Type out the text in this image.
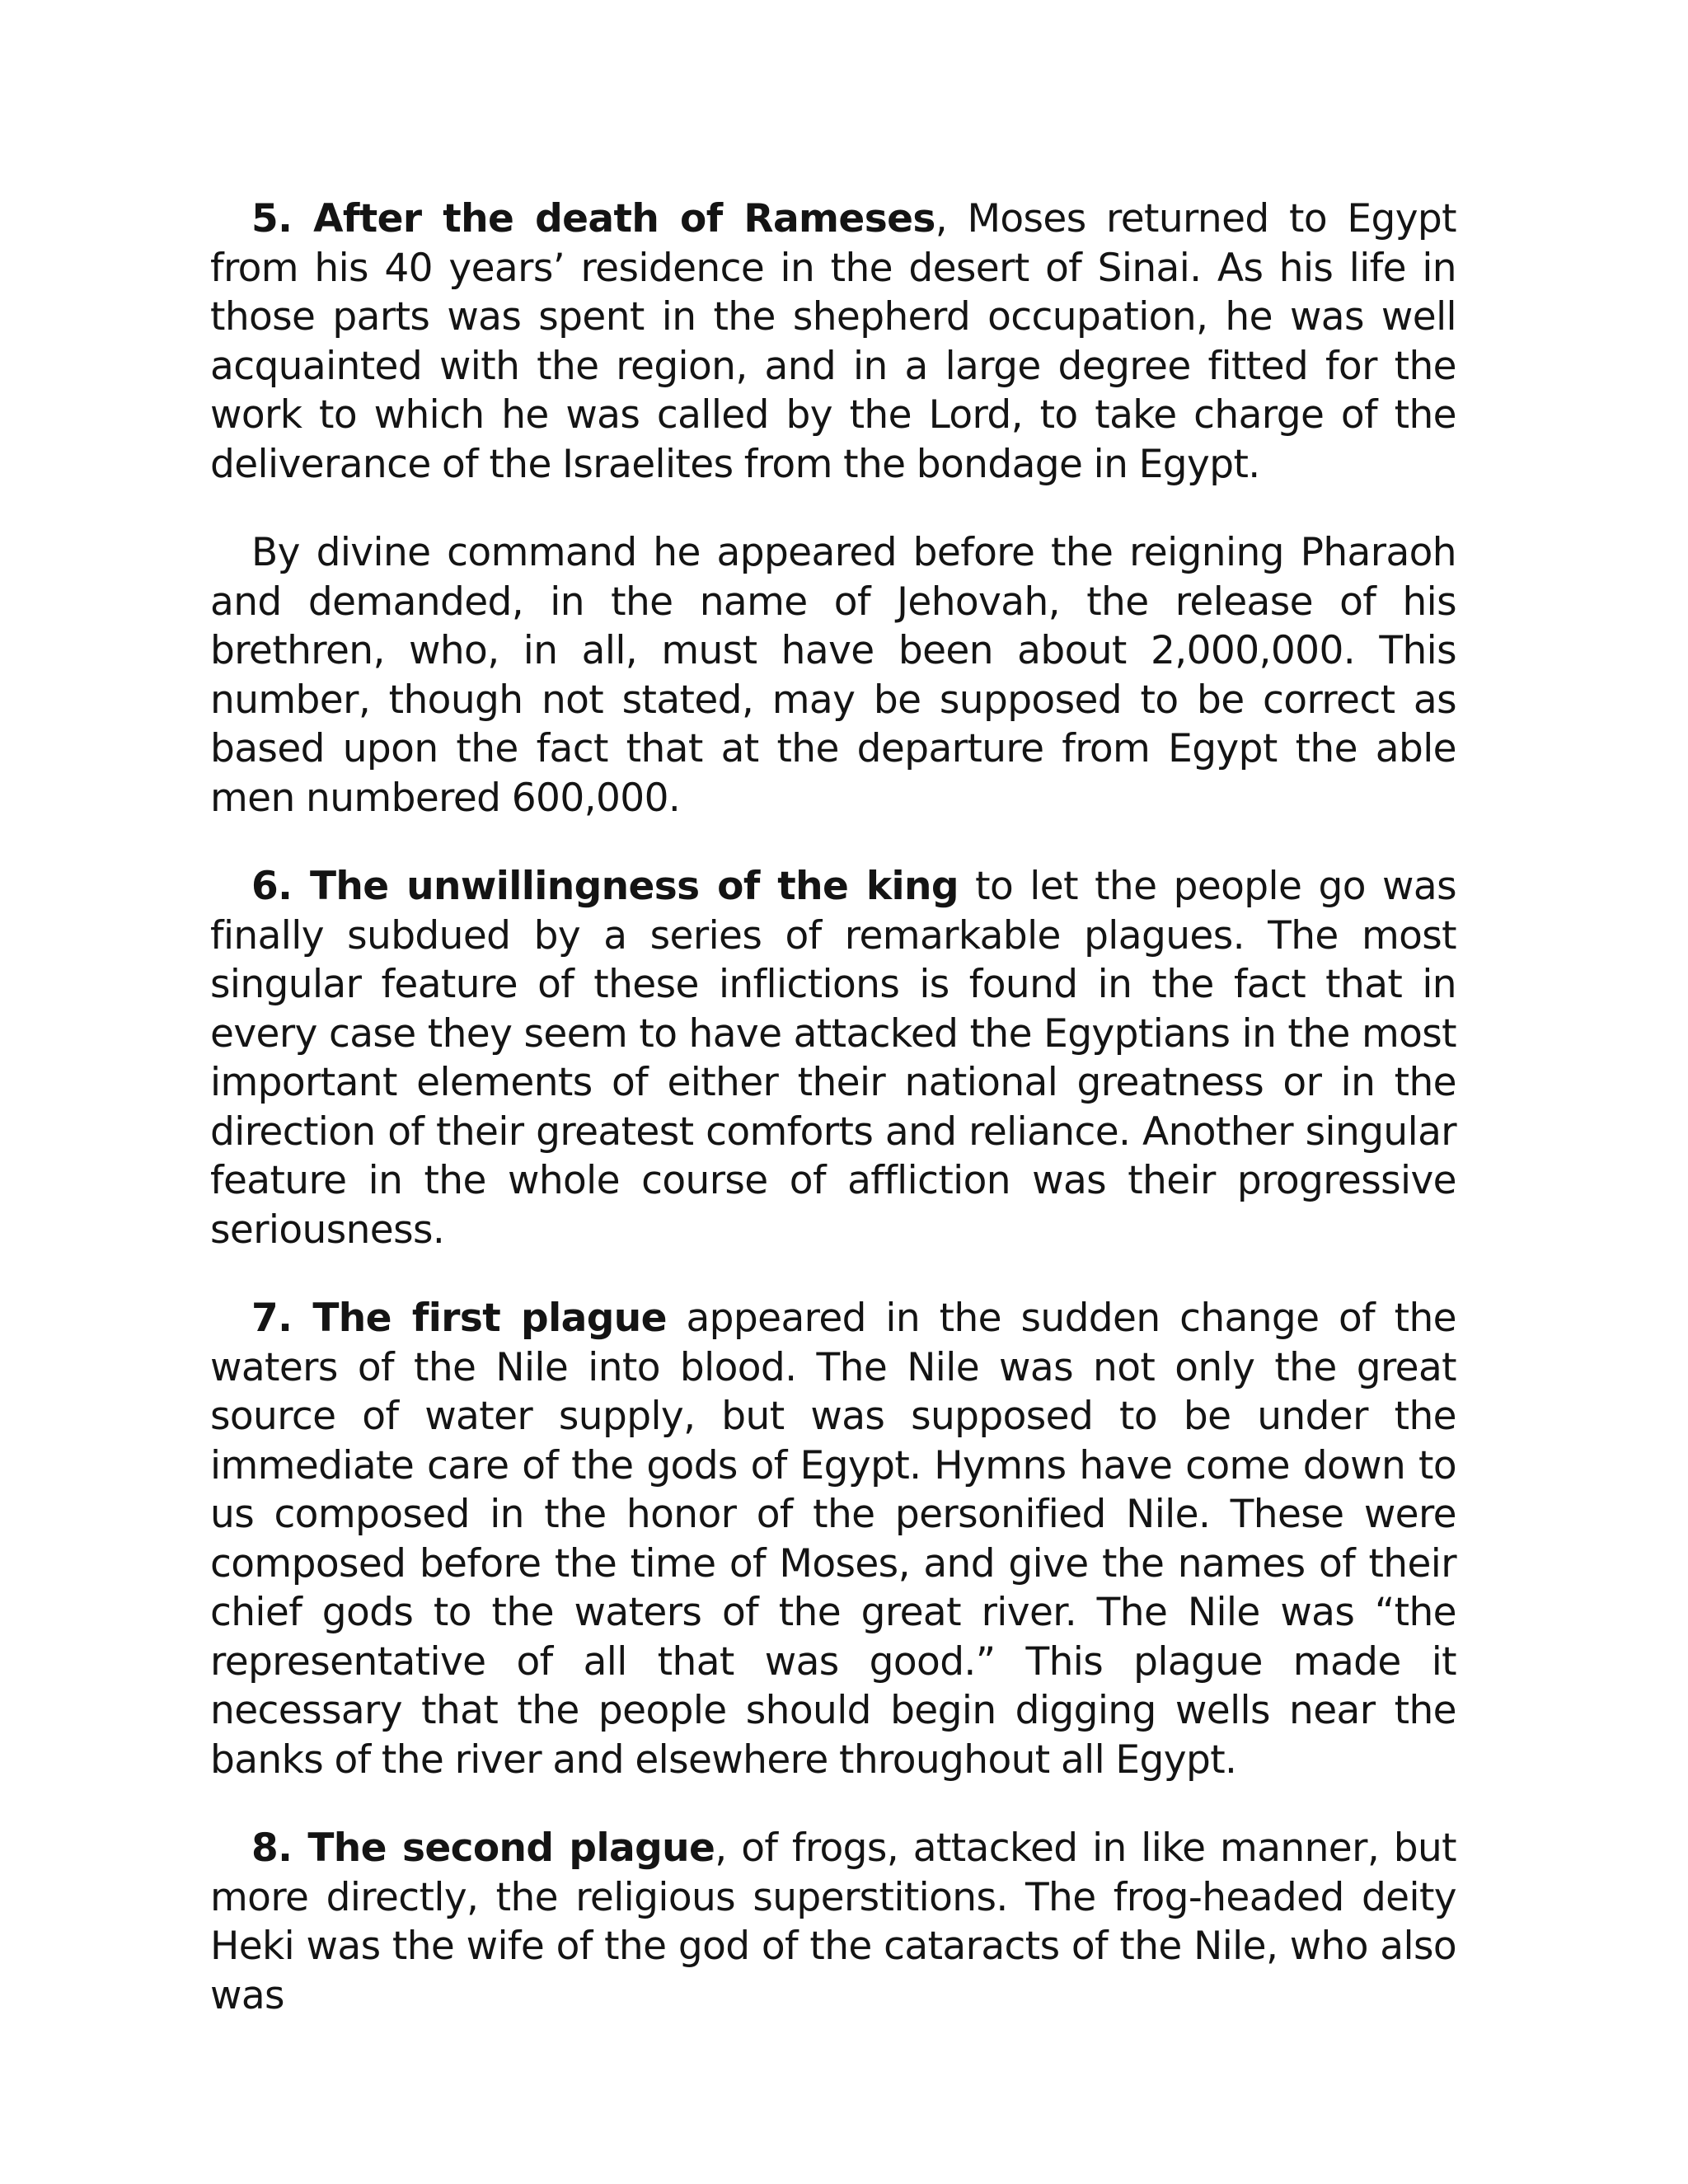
5. After the death of Rameses, Moses returned to Egypt from his 40 years’ residence in the desert of Sinai. As his life in those parts was spent in the shepherd occupation, he was well acquainted with the region, and in a large degree fitted for the work to which he was called by the Lord, to take charge of the deliverance of the Israelites from the bondage in Egypt.

By divine command he appeared before the reigning Pharaoh and demanded, in the name of Jehovah, the release of his brethren, who, in all, must have been about 2,000,000. This number, though not stated, may be supposed to be correct as based upon the fact that at the departure from Egypt the able men numbered 600,000.

6. The unwillingness of the king to let the people go was finally subdued by a series of remarkable plagues. The most singular feature of these inflictions is found in the fact that in every case they seem to have attacked the Egyptians in the most important elements of either their national greatness or in the direction of their greatest comforts and reliance. Another singular feature in the whole course of affliction was their progressive seriousness.

7. The first plague appeared in the sudden change of the waters of the Nile into blood. The Nile was not only the great source of water supply, but was supposed to be under the immediate care of the gods of Egypt. Hymns have come down to us composed in the honor of the personified Nile. These were composed before the time of Moses, and give the names of their chief gods to the waters of the great river. The Nile was “the representative of all that was good.” This plague made it necessary that the people should begin digging wells near the banks of the river and elsewhere throughout all Egypt.

8. The second plague, of frogs, attacked in like manner, but more directly, the religious superstitions. The frog-headed deity Heki was the wife of the god of the cataracts of the Nile, who also was
